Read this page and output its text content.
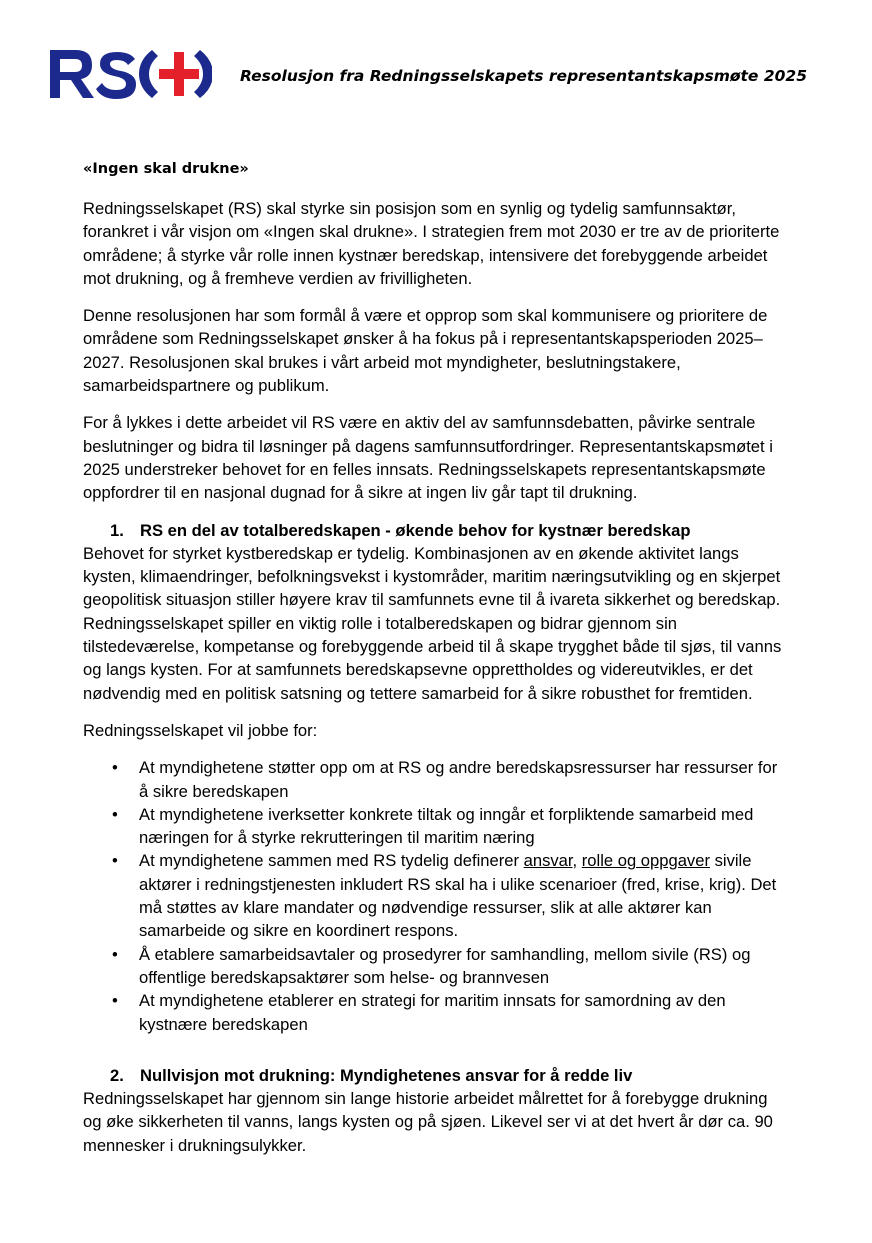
Resolusjon fra Redningsselskapets representantskapsmøte 2025
«Ingen skal drukne»

Redningsselskapet (RS) skal styrke sin posisjon som en synlig og tydelig samfunnsaktør, forankret i vår visjon om «Ingen skal drukne». I strategien frem mot 2030 er tre av de prioriterte områdene; å styrke vår rolle innen kystnær beredskap, intensivere det forebyggende arbeidet mot drukning, og å fremheve verdien av frivilligheten.

Denne resolusjonen har som formål å være et opprop som skal kommunisere og prioritere de områdene som Redningsselskapet ønsker å ha fokus på i representantskapsperioden 2025–2027. Resolusjonen skal brukes i vårt arbeid mot myndigheter, beslutningstakere, samarbeidspartnere og publikum.

For å lykkes i dette arbeidet vil RS være en aktiv del av samfunnsdebatten, påvirke sentrale beslutninger og bidra til løsninger på dagens samfunnsutfordringer. Representantskapsmøtet i 2025 understreker behovet for en felles innsats. Redningsselskapets representantskapsmøte oppfordrer til en nasjonal dugnad for å sikre at ingen liv går tapt til drukning.

1. RS en del av totalberedskapen - økende behov for kystnær beredskap

Behovet for styrket kystberedskap er tydelig. Kombinasjonen av en økende aktivitet langs kysten, klimaendringer, befolkningsvekst i kystområder, maritim næringsutvikling og en skjerpet geopolitisk situasjon stiller høyere krav til samfunnets evne til å ivareta sikkerhet og beredskap. Redningsselskapet spiller en viktig rolle i totalberedskapen og bidrar gjennom sin tilstedeværelse, kompetanse og forebyggende arbeid til å skape trygghet både til sjøs, til vanns og langs kysten. For at samfunnets beredskapsevne opprettholdes og videreutvikles, er det nødvendig med en politisk satsning og tettere samarbeid for å sikre robusthet for fremtiden.

Redningsselskapet vil jobbe for:

• At myndighetene støtter opp om at RS og andre beredskapsressurser har ressurser for å sikre beredskapen
• At myndighetene iverksetter konkrete tiltak og inngår et forpliktende samarbeid med næringen for å styrke rekrutteringen til maritim næring
• At myndighetene sammen med RS tydelig definerer ansvar, rolle og oppgaver sivile aktører i redningstjenesten inkludert RS skal ha i ulike scenarioer (fred, krise, krig). Det må støttes av klare mandater og nødvendige ressurser, slik at alle aktører kan samarbeide og sikre en koordinert respons.
• Å etablere samarbeidsavtaler og prosedyrer for samhandling, mellom sivile (RS) og offentlige beredskapsaktører som helse- og brannvesen
• At myndighetene etablerer en strategi for maritim innsats for samordning av den kystnære beredskapen
2. Nullvisjon mot drukning: Myndighetenes ansvar for å redde liv

Redningsselskapet har gjennom sin lange historie arbeidet målrettet for å forebygge drukning og øke sikkerheten til vanns, langs kysten og på sjøen. Likevel ser vi at det hvert år dør ca. 90 mennesker i drukningsulykker.
